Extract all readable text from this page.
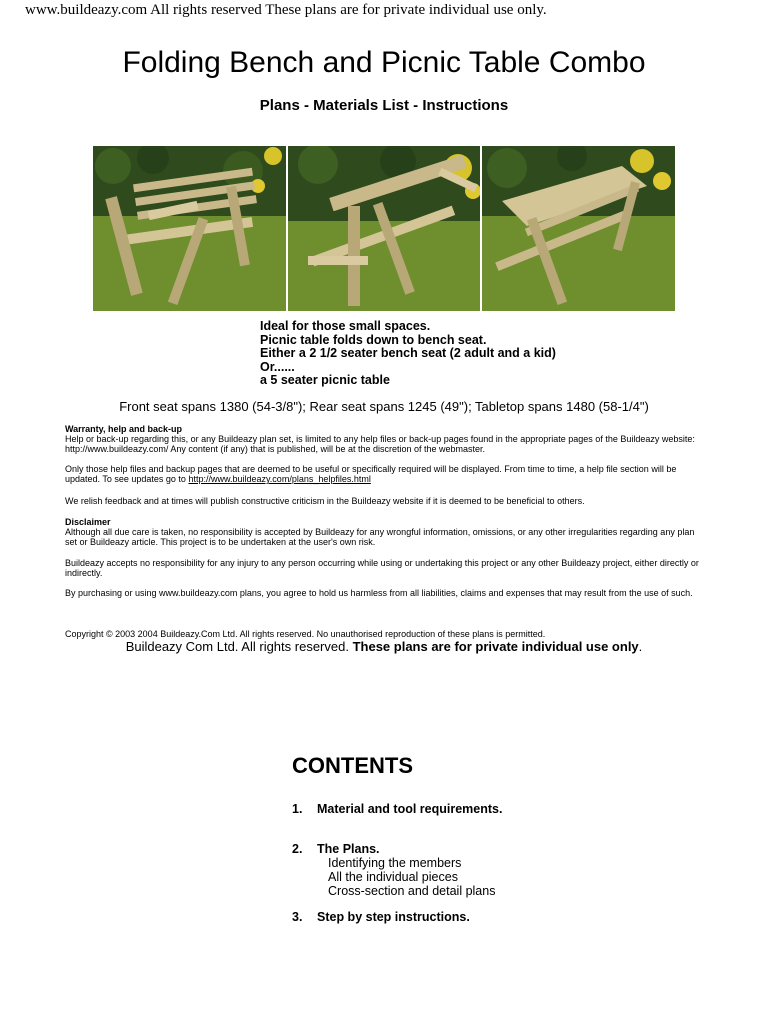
www.buildeazy.com All rights reserved These plans are for private individual use only.
Folding Bench and Picnic Table Combo
Plans - Materials List - Instructions
Ideal for those small spaces.
Picnic table folds down to bench seat.
Either a 2 1/2 seater bench seat (2 adult and a kid)
Or......
a 5 seater picnic table
Front seat spans 1380 (54-3/8"); Rear seat spans 1245 (49"); Tabletop spans 1480 (58-1/4")
Warranty, help and back-up
Help or back-up regarding this, or any Buildeazy plan set, is limited to any help files or back-up pages found in the appropriate pages of the Buildeazy website: http://www.buildeazy.com/ Any content (if any) that is published, will be at the discretion of the webmaster.
Only those help files and backup pages that are deemed to be useful or specifically required will be displayed. From time to time, a help file section will be updated. To see updates go to http://www.buildeazy.com/plans_helpfiles.html
We relish feedback and at times will publish constructive criticism in the Buildeazy website if it is deemed to be beneficial to others.
Disclaimer
Although all due care is taken, no responsibility is accepted by Buildeazy for any wrongful information, omissions, or any other irregularities regarding any plan set or Buildeazy article. This project is to be undertaken at the user's own risk.
Buildeazy accepts no responsibility for any injury to any person occurring while using or undertaking this project or any other Buildeazy project, either directly or indirectly.
By purchasing or using www.buildeazy.com plans, you agree to hold us harmless from all liabilities, claims and expenses that may result from the use of such.
Copyright © 2003 2004 Buildeazy.Com Ltd. All rights reserved. No unauthorised reproduction of these plans is permitted.
Buildeazy Com Ltd. All rights reserved. These plans are for private individual use only.
CONTENTS
1. Material and tool requirements.
2. The Plans.
Identifying the members
All the individual pieces
Cross-section and detail plans
3. Step by step instructions.
